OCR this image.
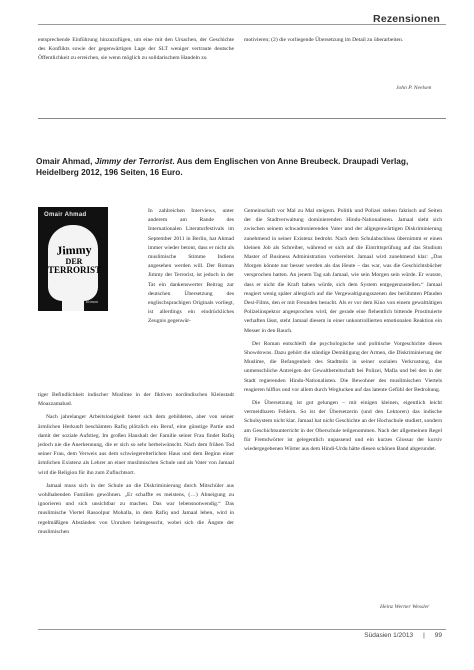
Rezensionen

entsprechende Einführung hinzuzufügen, um eine mit den Ursachen, der Geschichte des Konflikts sowie der gegenwärtigen Lage der SLT weniger vertraute deutsche Öffentlichkeit zu erreichen, sie wenn möglich zu solidarischem Handeln zu

motivieren; (2) die vorliegende Übersetzung im Detail zu überarbeiten.

John P. Neelsen
Omair Ahmad, Jimmy der Terrorist. Aus dem Englischen von Anne Breubeck. Draupadi Verlag, Heidelberg 2012, 196 Seiten, 16 Euro.
Omair Ahmad
Jimmy
DER
TERRORIST
Roman

In zahlreichen Interviews, unter anderem am Rande des Internationalen Literaturfestivals im September 2011 in Berlin, hat Ahmad immer wieder betont, dass er nicht als muslimische Stimme Indiens angesehen werden will. Der Roman Jimmy der Terrorist, ist jedoch in der Tat ein dankenswerter Beitrag zur deutschen Übersetzung des englischsprachigen Originals vorliegt, ist allerdings ein eindrückliches Zeugnis gegenwär-

tiger Befindlichkeit indischer Muslime in der fiktiven nordindischen Kleinstadt Moazzamabad.

Nach jahrelanger Arbeitslosigkeit bietet sich dem gebildeten, aber von seiner ärmlichen Herkunft beschämten Rafiq plötzlich ein Beruf, eine günstige Partie und damit der soziale Aufstieg. Im großen Haushalt der Familie seiner Frau findet Rafiq jedoch nie die Anerkennung, die er sich so sehr herbeiwünscht. Nach dem frühen Tod seiner Frau, dem Verweis aus dem schwiegerelterlichen Haus und dem Beginn einer ärmlichen Existenz als Lehrer an einer muslimischen Schule und als Vater von Jamaal wird die Religion für ihn zum Zufluchtsort.

Jamaal muss sich in der Schule an die Diskriminierung durch Mitschüler aus wohlhabenden Familien gewöhnen. „Er schaffte es meistens, (…) Abneigung zu ignorieren und sich unsichtbar zu machen. Das war lebensnotwendig.“ Das muslimische Viertel Rasoolpur Mohalla, in dem Rafiq und Jamaal leben, wird in regelmäßigen Abständen von Unruhen heimgesucht, wobei sich die Ängste der muslimischen

Gemeinschaft vor Mal zu Mal steigern. Politik und Polizei stehen faktisch auf Seiten der die Stadtverwaltung dominierenden Hindu-Nationalisten. Jamaal sieht sich zwischen seinem schwadronierenden Vater und der allgegenwärtigen Diskriminierung zunehmend in seiner Existenz bedroht. Nach dem Schulabschluss übernimmt er einen kleinen Job als Schreiber, während er sich auf die Eintrittsprüfung auf das Studium Master of Business Administration vorbereitet. Jamaal wird zunehmend klar: „Das Morgen könnte nur besser werden als das Heute – das war, was die Geschichtsbücher versprochen hatten. An jenem Tag sah Jamaal, wie sein Morgen sein würde. Er wusste, dass er nicht die Kraft haben würde, sich dem System entgegenzustellen.“ Jamaal reagiert wenig später allergisch auf die Vergewaltigungsszenen des berühmten Pfauden Desi-Films, den er mit Freunden besucht. Als er vor dem Kino von einem gewalttätigen Polizeiinspektor angesprochen wird, der gerade eine flehentlich bittende Prostituierte verhaften lässt, steht Jamaal diesem in einer unkontrollierten emotionalen Reaktion ein Messer in den Bauch.

Der Roman entschleift die psychologische und politische Vorgeschichte dieses Showdowns. Dazu gehört die ständige Demütigung der Armen, die Diskriminierung der Muslime, die Befangenheit des Stadtteils in seiner sozialen Verkrustung, das unmenschliche Antreigen der Gewaltbereitschaft bei Polizei, Mafia und bei den in der Stadt regierenden Hindu-Nationalisten. Die Bewohner des muslimischen Viertels reagieren hilflos und vor allem durch Weglucken auf das latente Gefühl der Bedrohung.

Die Übersetzung ist gut gelungen – mit einigen kleinen, eigentlich leicht vermeidbaren Fehlern. So ist der Übersetzerin (und den Lektoren) das indische Schulsystem nicht klar. Jamaal hat nicht Geschichte an der Hochschule studiert, sondern am Geschichtsunterricht in der Oberschule teilgenommen. Nach der allgemeinen Regel für Fremdwörter ist gelegentlich unpassend und ein kurzes Glossar der kursiv wiedergegebenen Wörter aus dem Hindi-Urdu hätte diesen schönen Band abgerundet.

Heinz Werner Wessler
Südasien 1/2013 | 99
